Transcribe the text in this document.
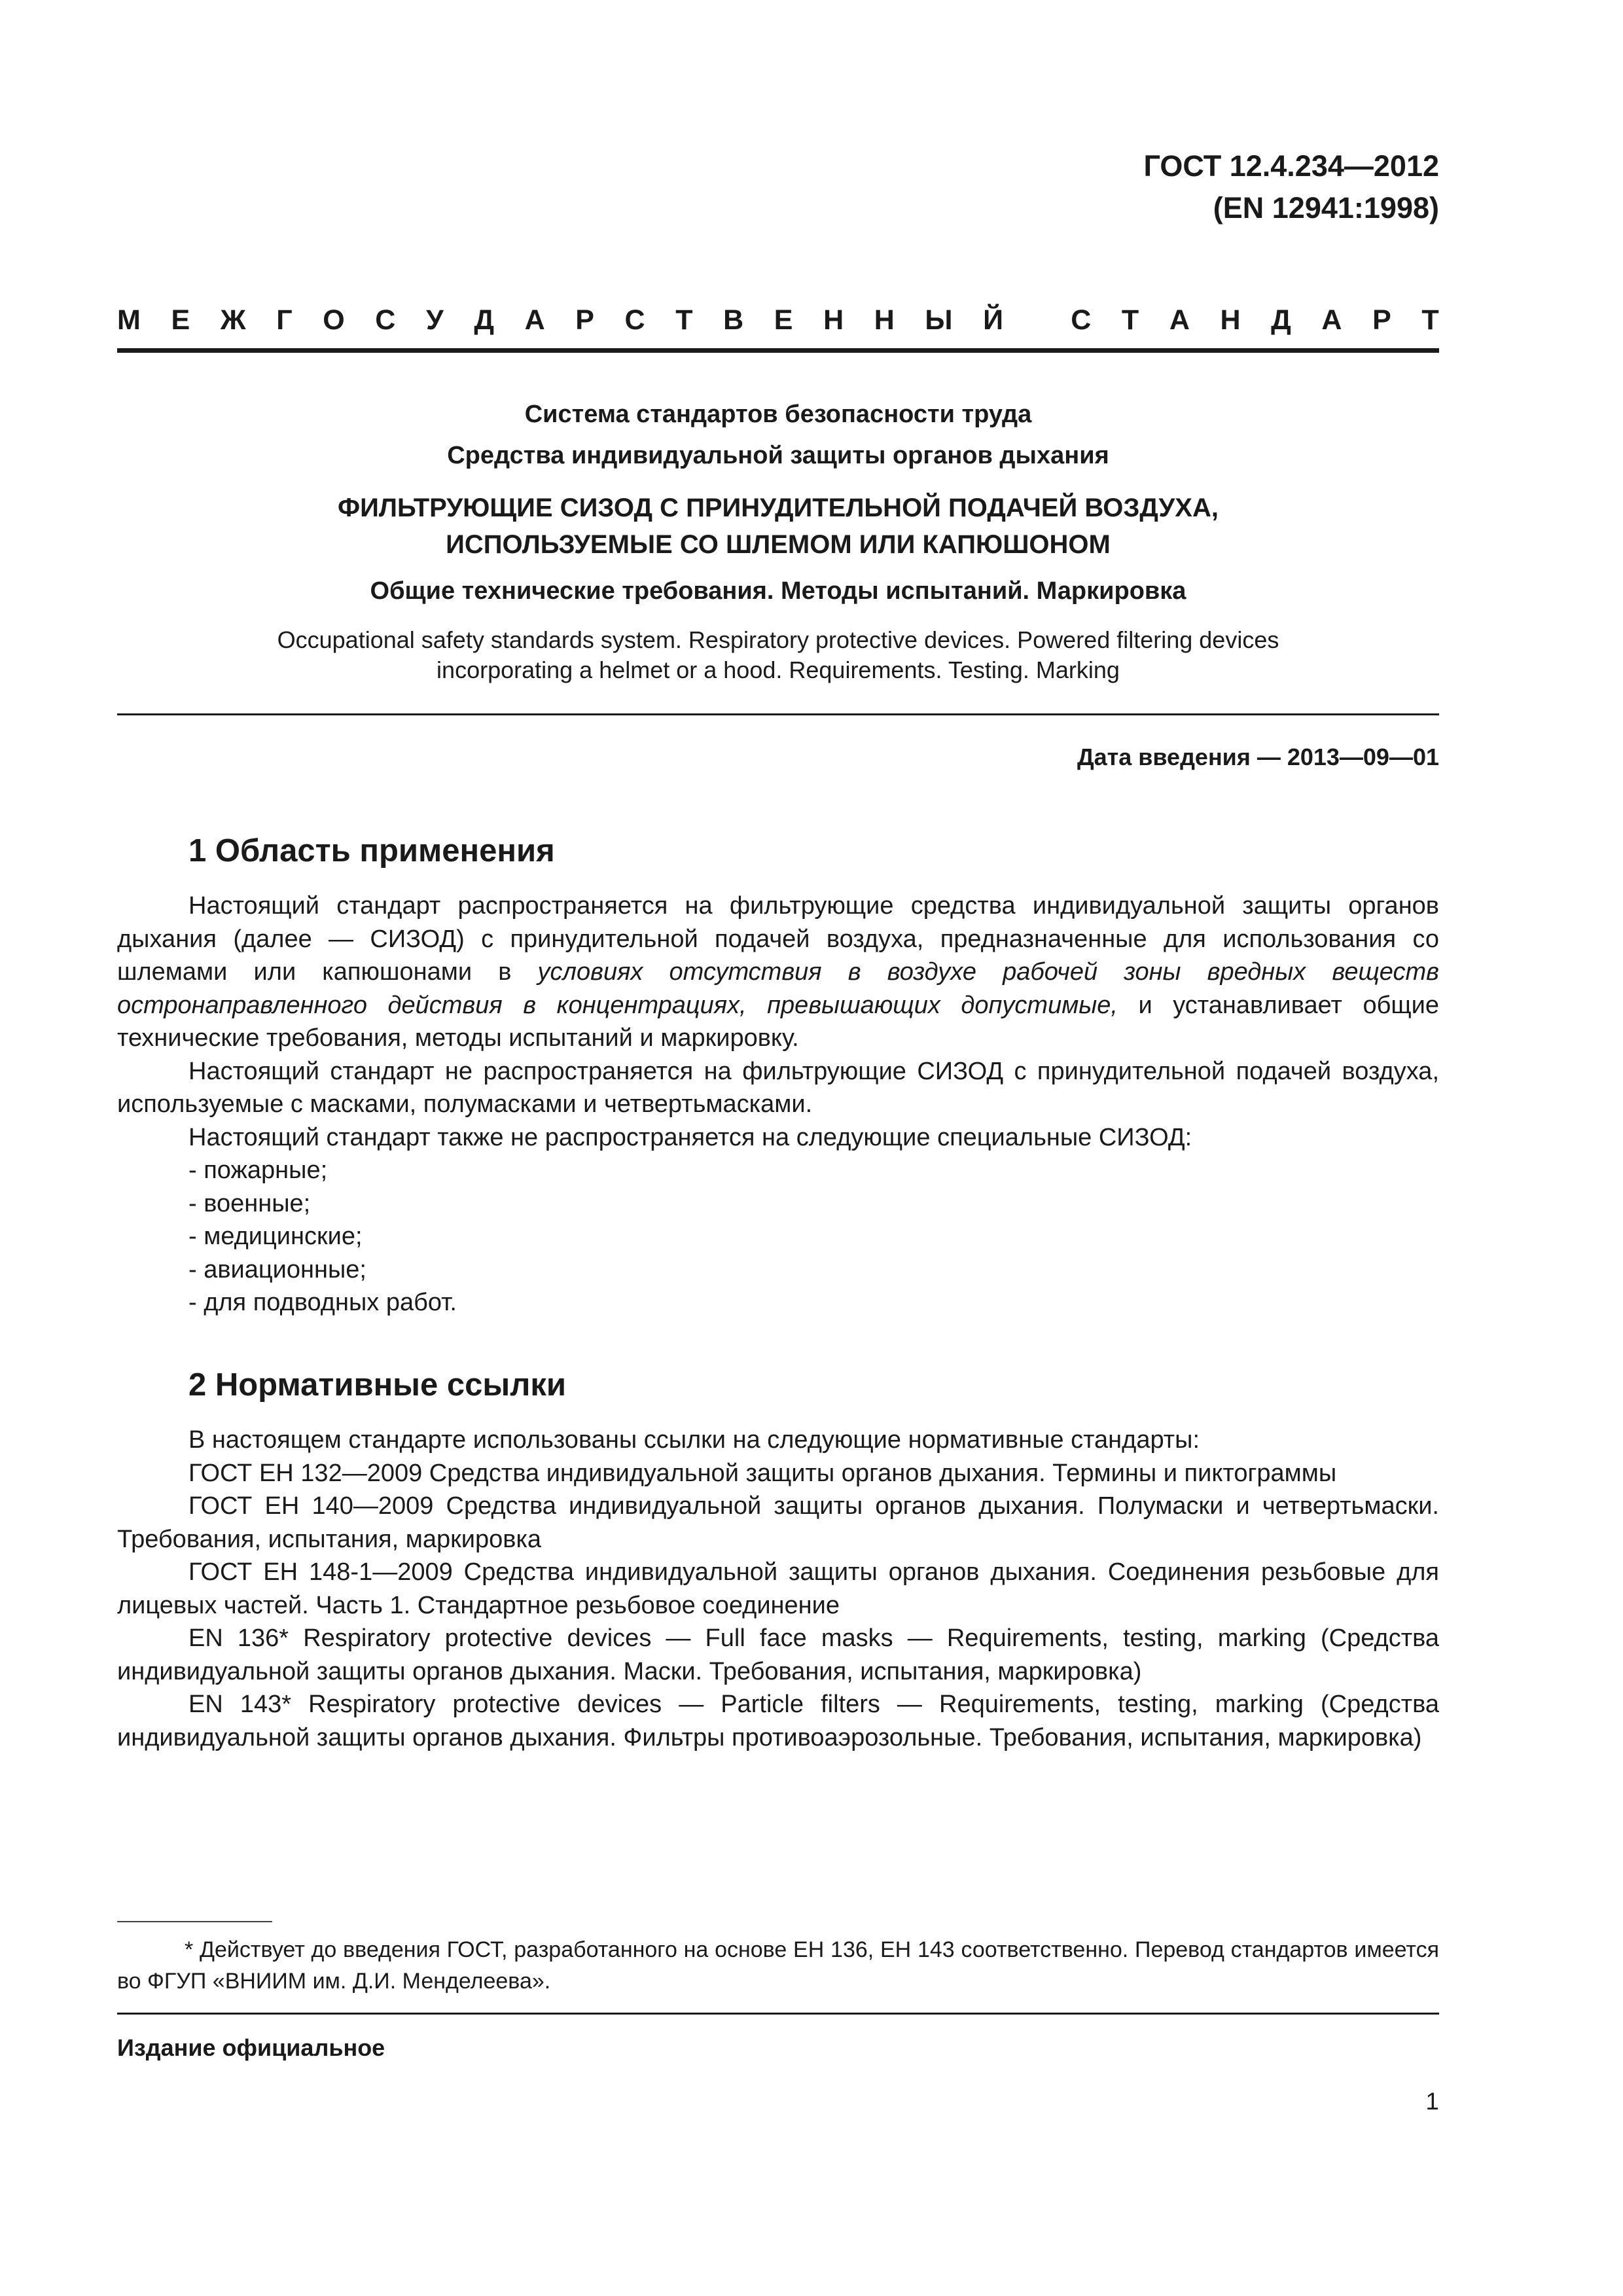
ГОСТ 12.4.234—2012
(EN 12941:1998)
М Е Ж Г О С У Д А Р С Т В Е Н Н Ы Й С Т А Н Д А Р Т
Система стандартов безопасности труда
Средства индивидуальной защиты органов дыхания
ФИЛЬТРУЮЩИЕ СИЗОД С ПРИНУДИТЕЛЬНОЙ ПОДАЧЕЙ ВОЗДУХА,
ИСПОЛЬЗУЕМЫЕ СО ШЛЕМОМ ИЛИ КАПЮШОНОМ
Общие технические требования. Методы испытаний. Маркировка
Occupational safety standards system. Respiratory protective devices. Powered filtering devices
incorporating a helmet or a hood. Requirements. Testing. Marking
Дата введения — 2013—09—01
1 Область применения

Настоящий стандарт распространяется на фильтрующие средства индивидуальной защиты органов дыхания (далее — СИЗОД) с принудительной подачей воздуха, предназначенные для использования со шлемами или капюшонами в условиях отсутствия в воздухе рабочей зоны вредных веществ остронаправленного действия в концентрациях, превышающих допустимые, и устанавливает общие технические требования, методы испытаний и маркировку.

Настоящий стандарт не распространяется на фильтрующие СИЗОД с принудительной подачей воздуха, используемые с масками, полумасками и четвертьмасками.

Настоящий стандарт также не распространяется на следующие специальные СИЗОД:

- пожарные;

- военные;

- медицинские;

- авиационные;

- для подводных работ.

2 Нормативные ссылки

В настоящем стандарте использованы ссылки на следующие нормативные стандарты:

ГОСТ ЕН 132—2009 Средства индивидуальной защиты органов дыхания. Термины и пиктограммы

ГОСТ ЕН 140—2009 Средства индивидуальной защиты органов дыхания. Полумаски и четвертьмаски. Требования, испытания, маркировка

ГОСТ ЕН 148-1—2009 Средства индивидуальной защиты органов дыхания. Соединения резьбовые для лицевых частей. Часть 1. Стандартное резьбовое соединение

EN 136* Respiratory protective devices — Full face masks — Requirements, testing, marking (Средства индивидуальной защиты органов дыхания. Маски. Требования, испытания, маркировка)

EN 143* Respiratory protective devices — Particle filters — Requirements, testing, marking (Средства индивидуальной защиты органов дыхания. Фильтры противоаэрозольные. Требования, испытания, маркировка)

* Действует до введения ГОСТ, разработанного на основе ЕН 136, ЕН 143 соответственно. Перевод стандартов имеется во ФГУП «ВНИИМ им. Д.И. Менделеева».

Издание официальное
1
